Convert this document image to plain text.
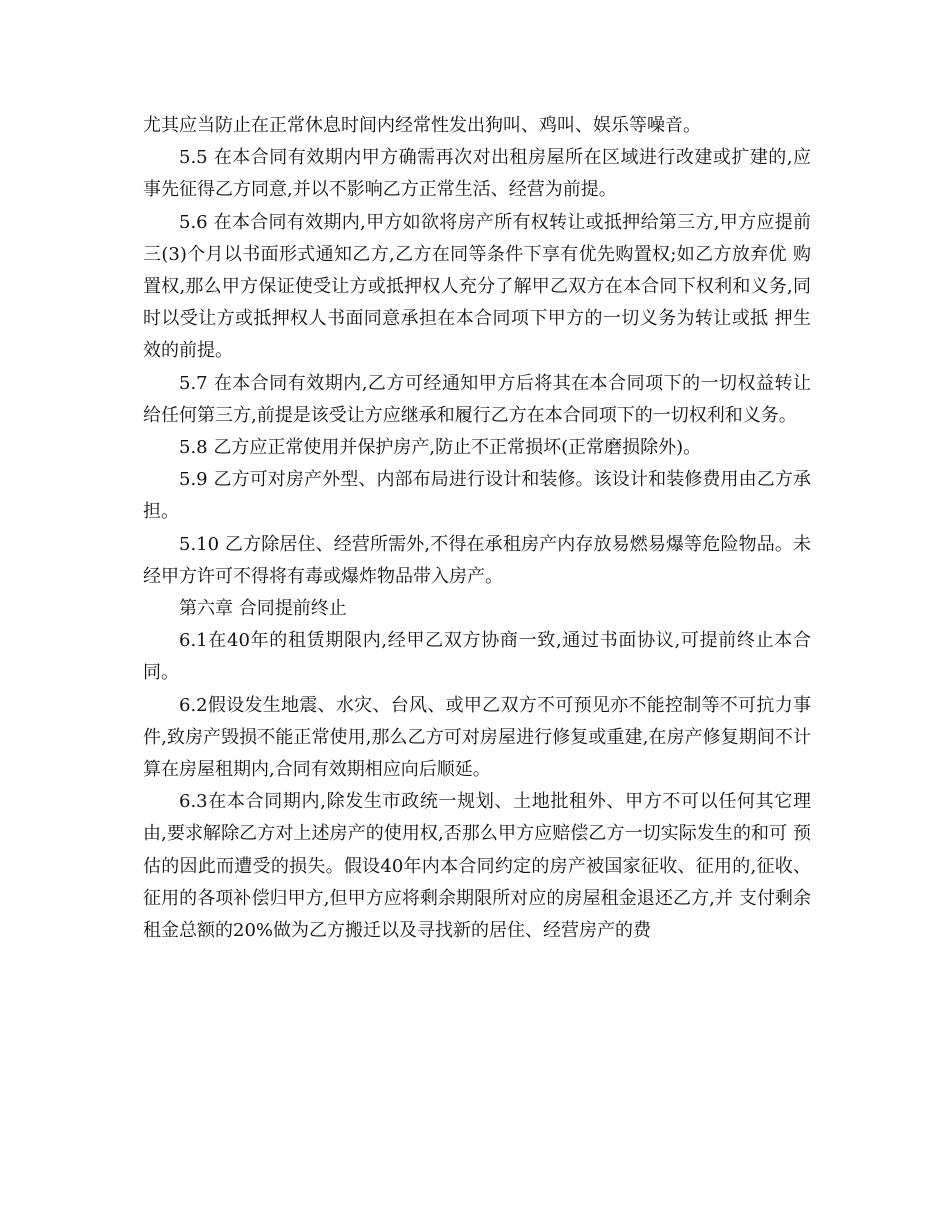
尤其应当防止在正常休息时间内经常性发出狗叫、鸡叫、娱乐等噪音。

5.5 在本合同有效期内甲方确需再次对出租房屋所在区域进行改建或扩建的,应事先征得乙方同意,并以不影响乙方正常生活、经营为前提。

5.6 在本合同有效期内,甲方如欲将房产所有权转让或抵押给第三方,甲方应提前三(3)个月以书面形式通知乙方,乙方在同等条件下享有优先购置权;如乙方放弃优 购置权,那么甲方保证使受让方或抵押权人充分了解甲乙双方在本合同下权利和义务,同时以受让方或抵押权人书面同意承担在本合同项下甲方的一切义务为转让或抵 押生效的前提。

5.7 在本合同有效期内,乙方可经通知甲方后将其在本合同项下的一切权益转让给任何第三方,前提是该受让方应继承和履行乙方在本合同项下的一切权利和义务。

5.8 乙方应正常使用并保护房产,防止不正常损坏(正常磨损除外)。

5.9 乙方可对房产外型、内部布局进行设计和装修。该设计和装修费用由乙方承担。

5.10 乙方除居住、经营所需外,不得在承租房产内存放易燃易爆等危险物品。未经甲方许可不得将有毒或爆炸物品带入房产。

第六章 合同提前终止

6.1在40年的租赁期限内,经甲乙双方协商一致,通过书面协议,可提前终止本合同。

6.2假设发生地震、水灾、台风、或甲乙双方不可预见亦不能控制等不可抗力事件,致房产毁损不能正常使用,那么乙方可对房屋进行修复或重建,在房产修复期间不计算在房屋租期内,合同有效期相应向后顺延。

6.3在本合同期内,除发生市政统一规划、土地批租外、甲方不可以任何其它理由,要求解除乙方对上述房产的使用权,否那么甲方应赔偿乙方一切实际发生的和可 预估的因此而遭受的损失。假设40年内本合同约定的房产被国家征收、征用的,征收、征用的各项补偿归甲方,但甲方应将剩余期限所对应的房屋租金退还乙方,并 支付剩余租金总额的20%做为乙方搬迁以及寻找新的居住、经营房产的费
